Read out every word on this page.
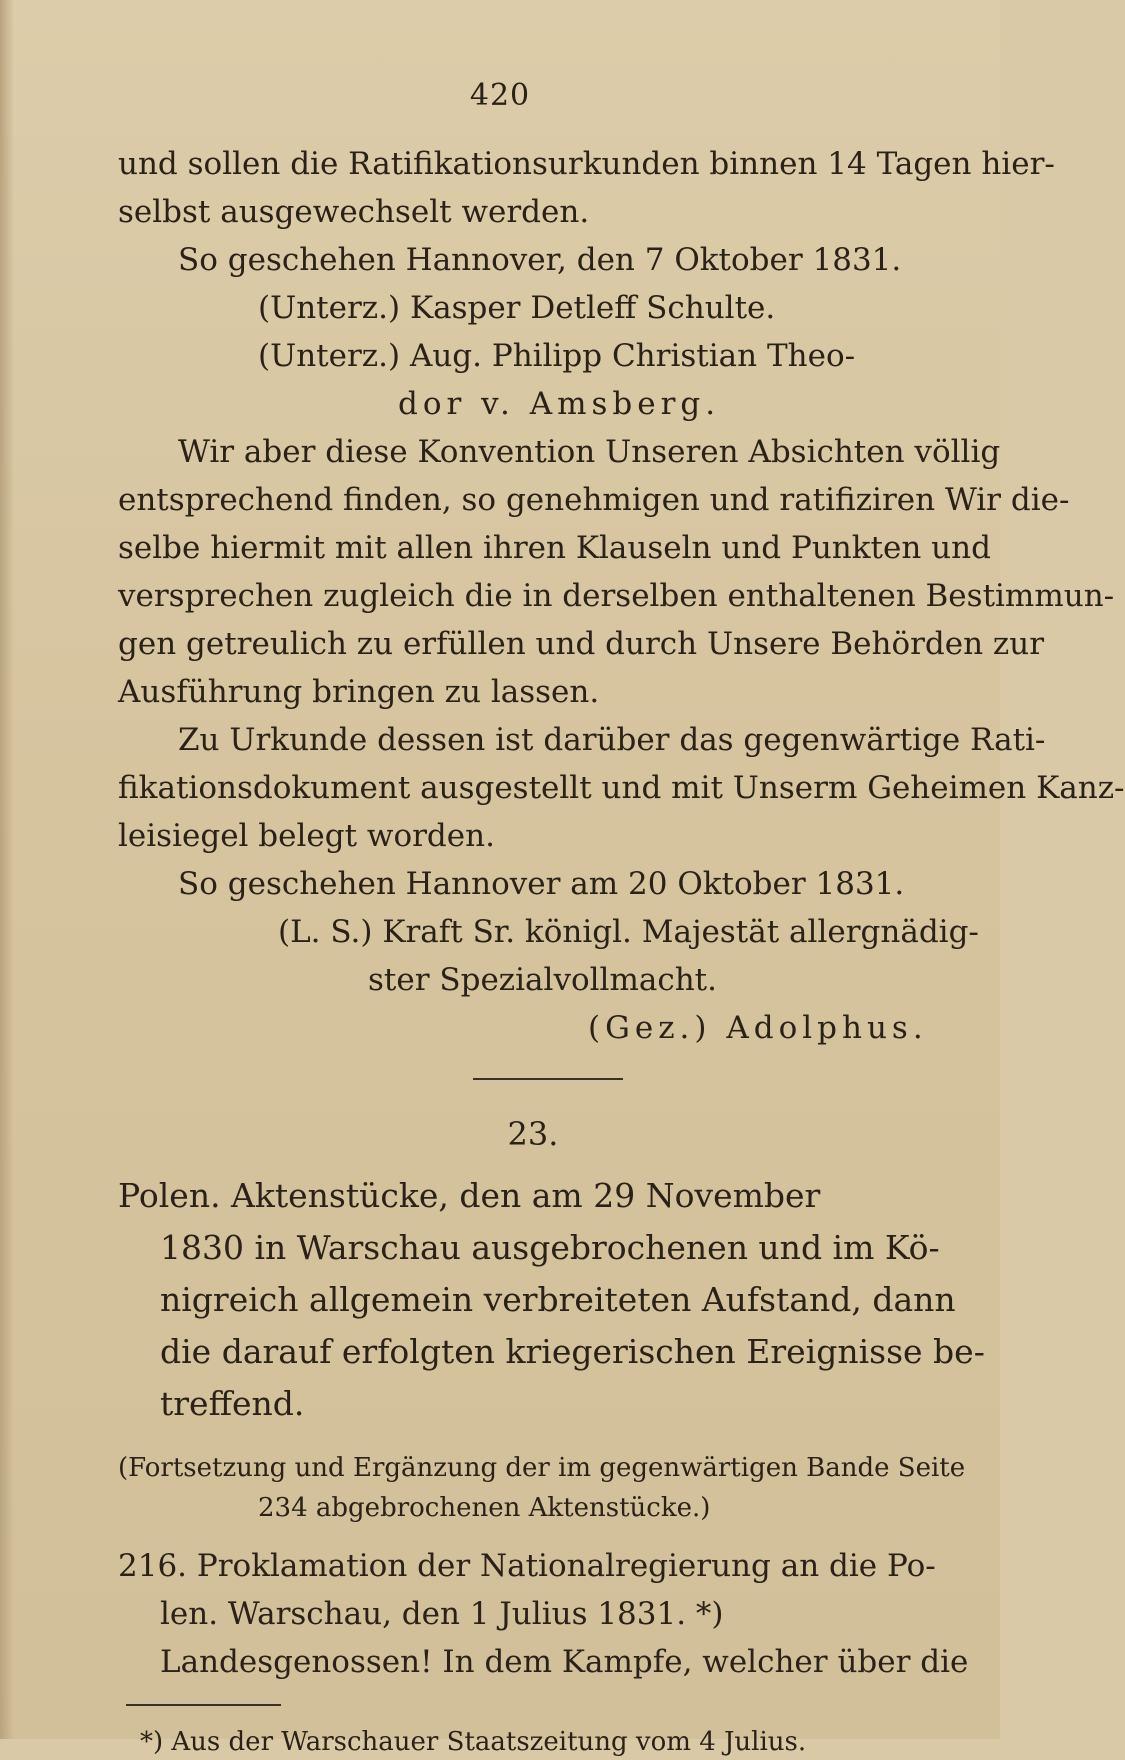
420
und sollen die Ratifikationsurkunden binnen 14 Tagen hier-
selbst ausgewechselt werden.
So geschehen Hannover, den 7 Oktober 1831.
(Unterz.) Kasper Detleff Schulte.
(Unterz.) Aug. Philipp Christian Theo-
dor v. Amsberg.
Wir aber diese Konvention Unseren Absichten völlig
entsprechend finden, so genehmigen und ratifiziren Wir die-
selbe hiermit mit allen ihren Klauseln und Punkten und
versprechen zugleich die in derselben enthaltenen Bestimmun-
gen getreulich zu erfüllen und durch Unsere Behörden zur
Ausführung bringen zu lassen.
Zu Urkunde dessen ist darüber das gegenwärtige Rati-
fikationsdokument ausgestellt und mit Unserm Geheimen Kanz-
leisiegel belegt worden.
So geschehen Hannover am 20 Oktober 1831.
(L. S.) Kraft Sr. königl. Majestät allergnädig-
ster Spezialvollmacht.
(Gez.) Adolphus.
23.
Polen. Aktenstücke, den am 29 November
1830 in Warschau ausgebrochenen und im Kö-
nigreich allgemein verbreiteten Aufstand, dann
die darauf erfolgten kriegerischen Ereignisse be-
treffend.
(Fortsetzung und Ergänzung der im gegenwärtigen Bande Seite
234 abgebrochenen Aktenstücke.)
216. Proklamation der Nationalregierung an die Po-
len. Warschau, den 1 Julius 1831. *)
Landesgenossen! In dem Kampfe, welcher über die
*) Aus der Warschauer Staatszeitung vom 4 Julius.
